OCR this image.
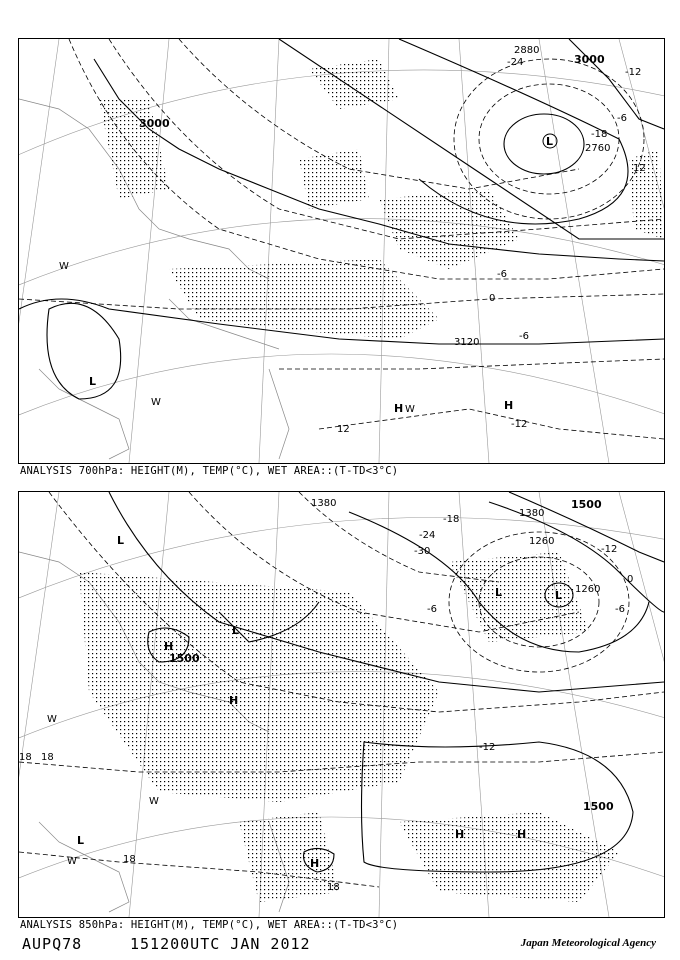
3000
2880
3000
2760
3120
-24
-18
-12
-6
-6
0
-6
12
-12
12
L
L
H	H
W
W
W
ANALYSIS 700hPa: HEIGHT(M), TEMP(°C), WET AREA::(T-TD<3°C)
1380	1500
1380
1260
1260
1500
1500
-18
-24
-30	-12
-6
0
-6
-12
18 18
18
18
L
L
L	L
H
H
H	H
H
L
W
W
W
ANALYSIS 850hPa: HEIGHT(M), TEMP(°C), WET AREA::(T-TD<3°C)
AUPQ78	151200UTC JAN 2012	Japan Meteorological Agency
